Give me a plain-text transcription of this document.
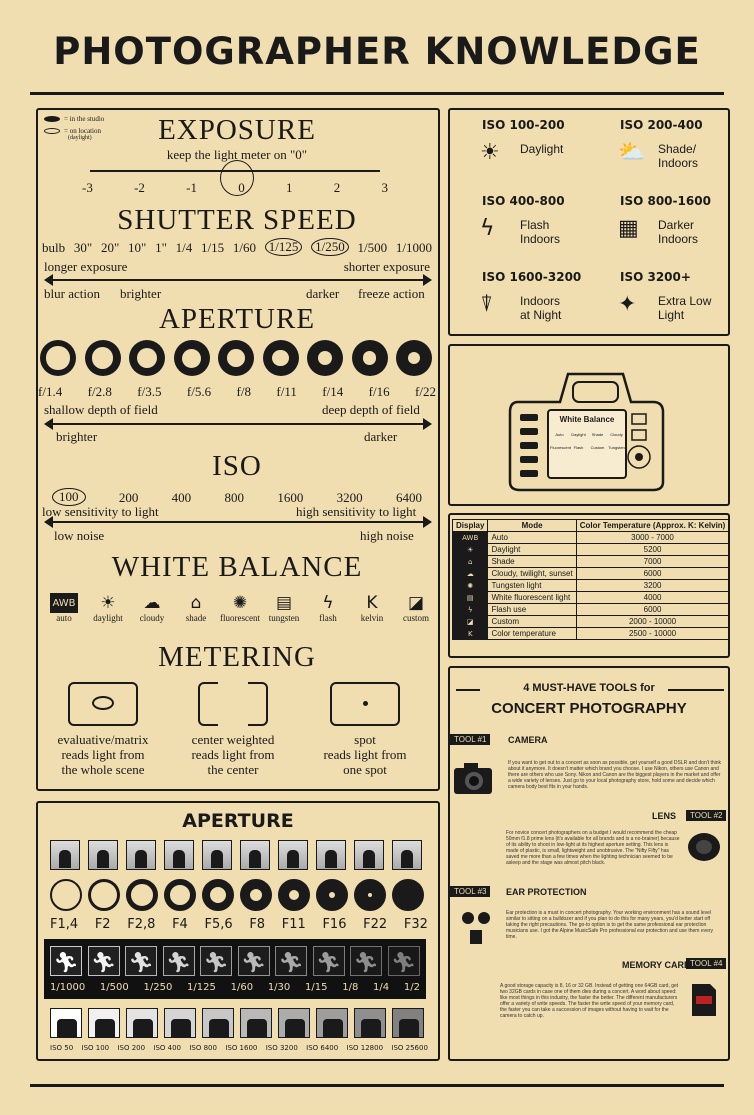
PHOTOGRAPHER KNOWLEDGE
= in the studio
= on location
(daylight)	EXPOSURE
keep the light meter on "0"
-3	-2	-1	0	1	2	3
SHUTTER SPEED
bulb 30" 20" 10" 1" 1/4 1/15 1/60 1/125	1/250 1/500 1/1000
longer exposure	shorter exposure
blur action brighter	darker freeze action
APERTURE
f/1.4 f/2.8 f/3.5 f/5.6 f/8 f/11 f/14 f/16 f/22
shallow depth of field	deep depth of field
brighter	darker
ISO
100	200	400	800	1600	3200	6400
low sensitivity to light	high sensitivity to light
low noise	high noise
WHITE BALANCE
AWB
auto
☀
daylight
☁
cloudy
⌂
shade
✺
fluorescent
▤
tungsten
ϟ
flash
K
kelvin
◪
custom
METERING
evaluative/matrix
reads light from
the whole scene
center weighted
reads light from
the center
spot
reads light from
one spot
APERTURE
F1,4 F2 F2,8 F4 F5,6 F8 F11 F16 F22 F32
🏃︎ 🏃︎ 🏃︎ 🏃︎ 🏃︎ 🏃︎ 🏃︎ 🏃︎ 🏃︎ 🏃︎
1/1000 1/500 1/250 1/125 1/60 1/30 1/15 1/8 1/4 1/2
ISO 50 ISO 100 ISO 200 ISO 400 ISO 800 ISO 1600 ISO 3200 ISO 6400 ISO 12800 ISO 25600
ISO 100-200
☀ Daylight
ISO 200-400
⛅ Shade/
Indoors
ISO 400-800
ϟ Flash
Indoors
ISO 800-1600
▦ Darker
Indoors
ISO 1600-3200
⍒ Indoors
at Night
ISO 3200+
✦ Extra Low
Light
White Balance
Auto	Daylight	Shade	Cloudy
Fluorescent Flash	Custom Tungsten
Display	Mode	Color Temperature (Approx. K: Kelvin)
AWB	Auto	3000 - 7000
☀	Daylight	5200
⌂	Shade	7000
☁	Cloudy, twilight, sunset	6000
✺	Tungsten light	3200
▤	White fluorescent light	4000
ϟ	Flash use	6000
◪	Custom	2000 - 10000
K	Color temperature	2500 - 10000
4 MUST-HAVE TOOLS for
CONCERT PHOTOGRAPHY
TOOL #1	CAMERA
If you want to get out to a concert as soon as possible, get yourself a good DSLR and don't think about it anymore. It doesn't matter which brand you choose. I use Nikon, others use Canon and there are others who use Sony. Nikon and Canon are the biggest players in the market and offer a wide variety of lenses. Just go to your local photography store, hold some and decide which camera body best fits in your hands.
TOOL #2
LENS
For novice concert photographers on a budget I would recommend the cheap 50mm f1.8 prime lens (it's available for all brands and is a no-brainer) because of its ability to shoot in low-light at its highest aperture setting. This lens is made of plastic, is small, lightweight and unobtrusive. The "Nifty Fifty" has saved me more than a few times when the lighting technician seemed to be asleep and the stage was almost pitch black.
TOOL #3	EAR PROTECTION
Ear protection is a must in concert photography. Your working environment has a sound level similar to sitting on a bulldozer and if you plan to do this for many years, you'd better start off taking the right precautions. The go-to option is to get the same professional ear protection musicians use. I got the Alpine MusicSafe Pro professional ear protection and use them every time.
TOOL #4
MEMORY CARD
A good storage capacity is 8, 16 or 32 GB. Instead of getting one 64GB card, get two 32GB cards in case one of them dies during a concert. A word about speed: like most things in this industry, the faster the better. The different manufacturers offer a variety of write speeds. The faster the write speed of your memory card, the faster you can take a succession of images without having to wait for the camera to catch up.
